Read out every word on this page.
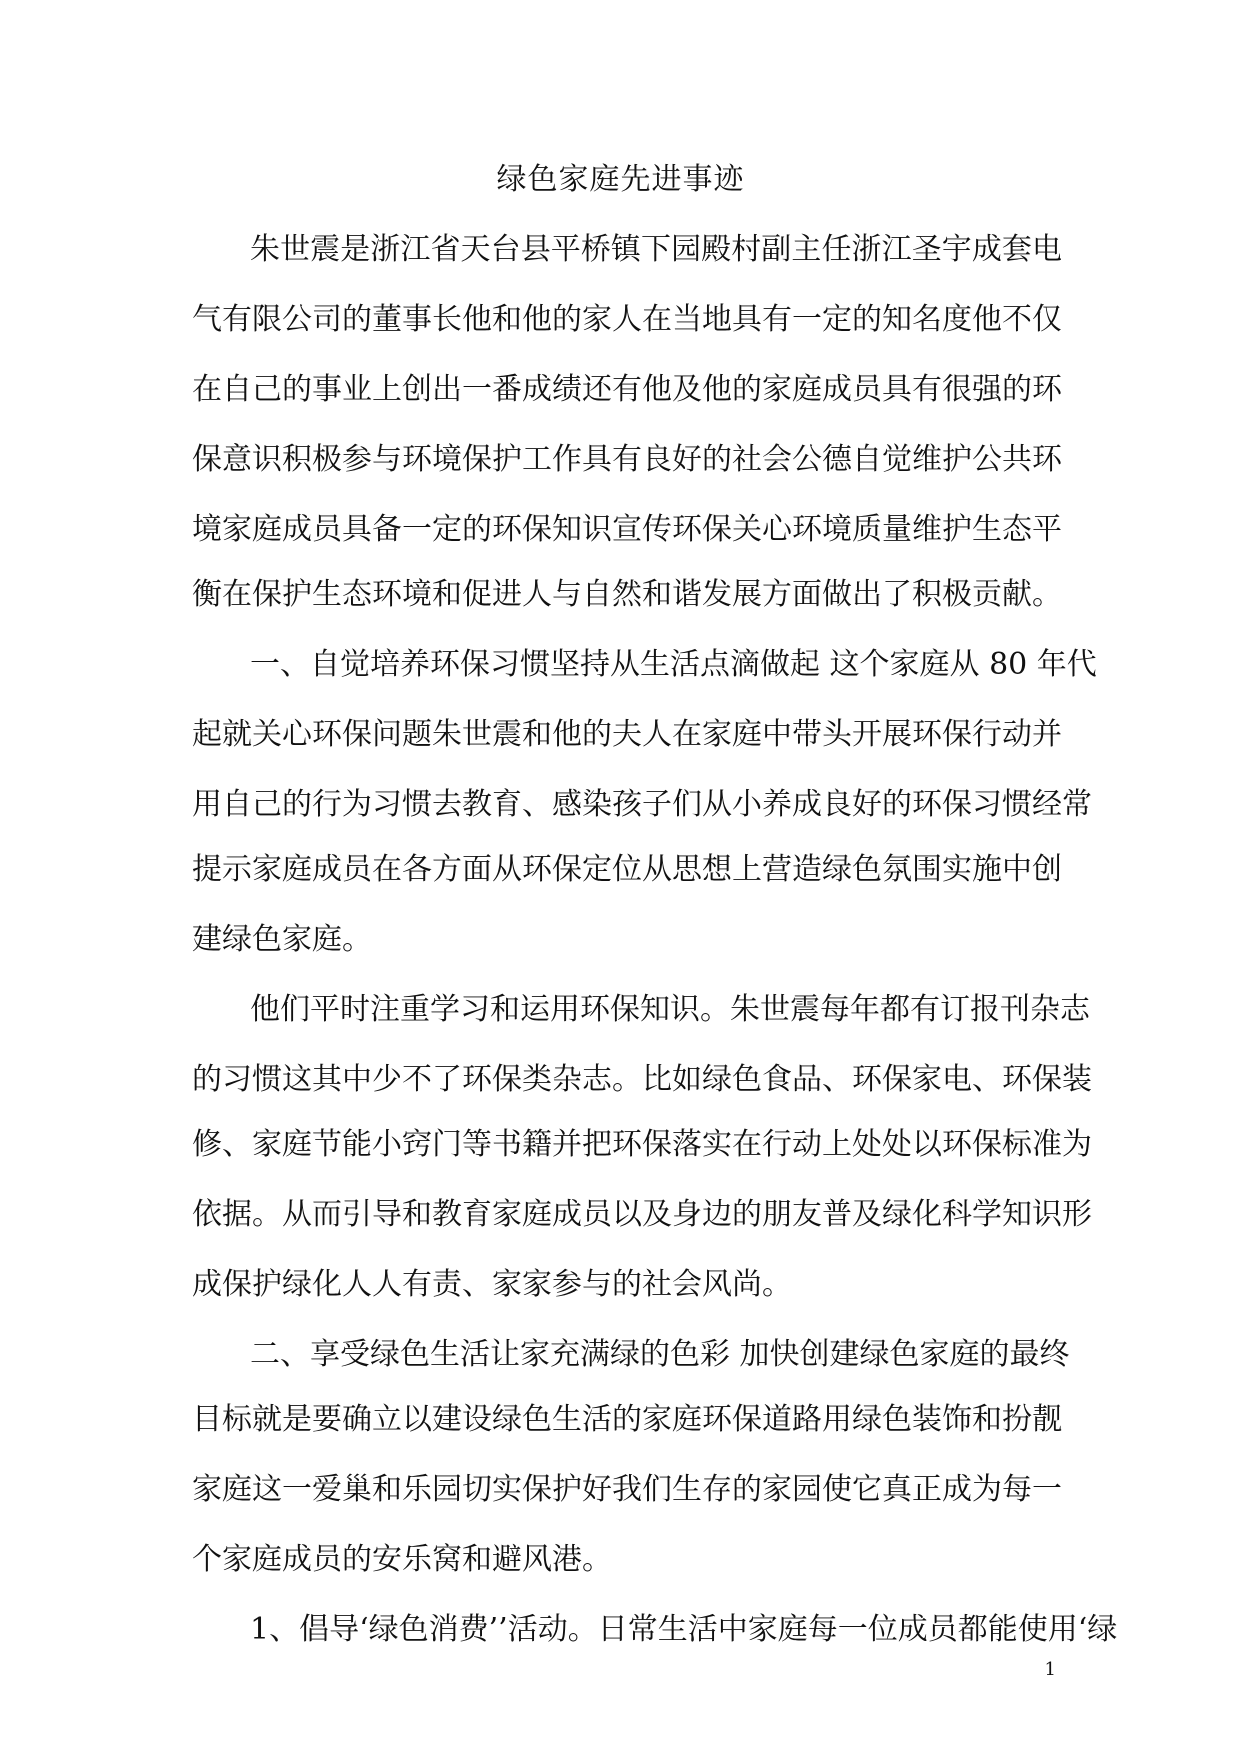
绿色家庭先进事迹
朱世震是浙江省天台县平桥镇下园殿村副主任浙江圣宇成套电
气有限公司的董事长他和他的家人在当地具有一定的知名度他不仅
在自己的事业上创出一番成绩还有他及他的家庭成员具有很强的环
保意识积极参与环境保护工作具有良好的社会公德自觉维护公共环
境家庭成员具备一定的环保知识宣传环保关心环境质量维护生态平
衡在保护生态环境和促进人与自然和谐发展方面做出了积极贡献。
一、自觉培养环保习惯坚持从生活点滴做起 这个家庭从 80 年代
起就关心环保问题朱世震和他的夫人在家庭中带头开展环保行动并
用自己的行为习惯去教育、感染孩子们从小养成良好的环保习惯经常
提示家庭成员在各方面从环保定位从思想上营造绿色氛围实施中创
建绿色家庭。
他们平时注重学习和运用环保知识。朱世震每年都有订报刊杂志
的习惯这其中少不了环保类杂志。比如绿色食品、环保家电、环保装
修、家庭节能小窍门等书籍并把环保落实在行动上处处以环保标准为
依据。从而引导和教育家庭成员以及身边的朋友普及绿化科学知识形
成保护绿化人人有责、家家参与的社会风尚。
二、享受绿色生活让家充满绿的色彩 加快创建绿色家庭的最终
目标就是要确立以建设绿色生活的家庭环保道路用绿色装饰和扮靓
家庭这一爱巢和乐园切实保护好我们生存的家园使它真正成为每一
个家庭成员的安乐窝和避风港。
1、倡导‘绿色消费’’活动。日常生活中家庭每一位成员都能使用‘绿
1
